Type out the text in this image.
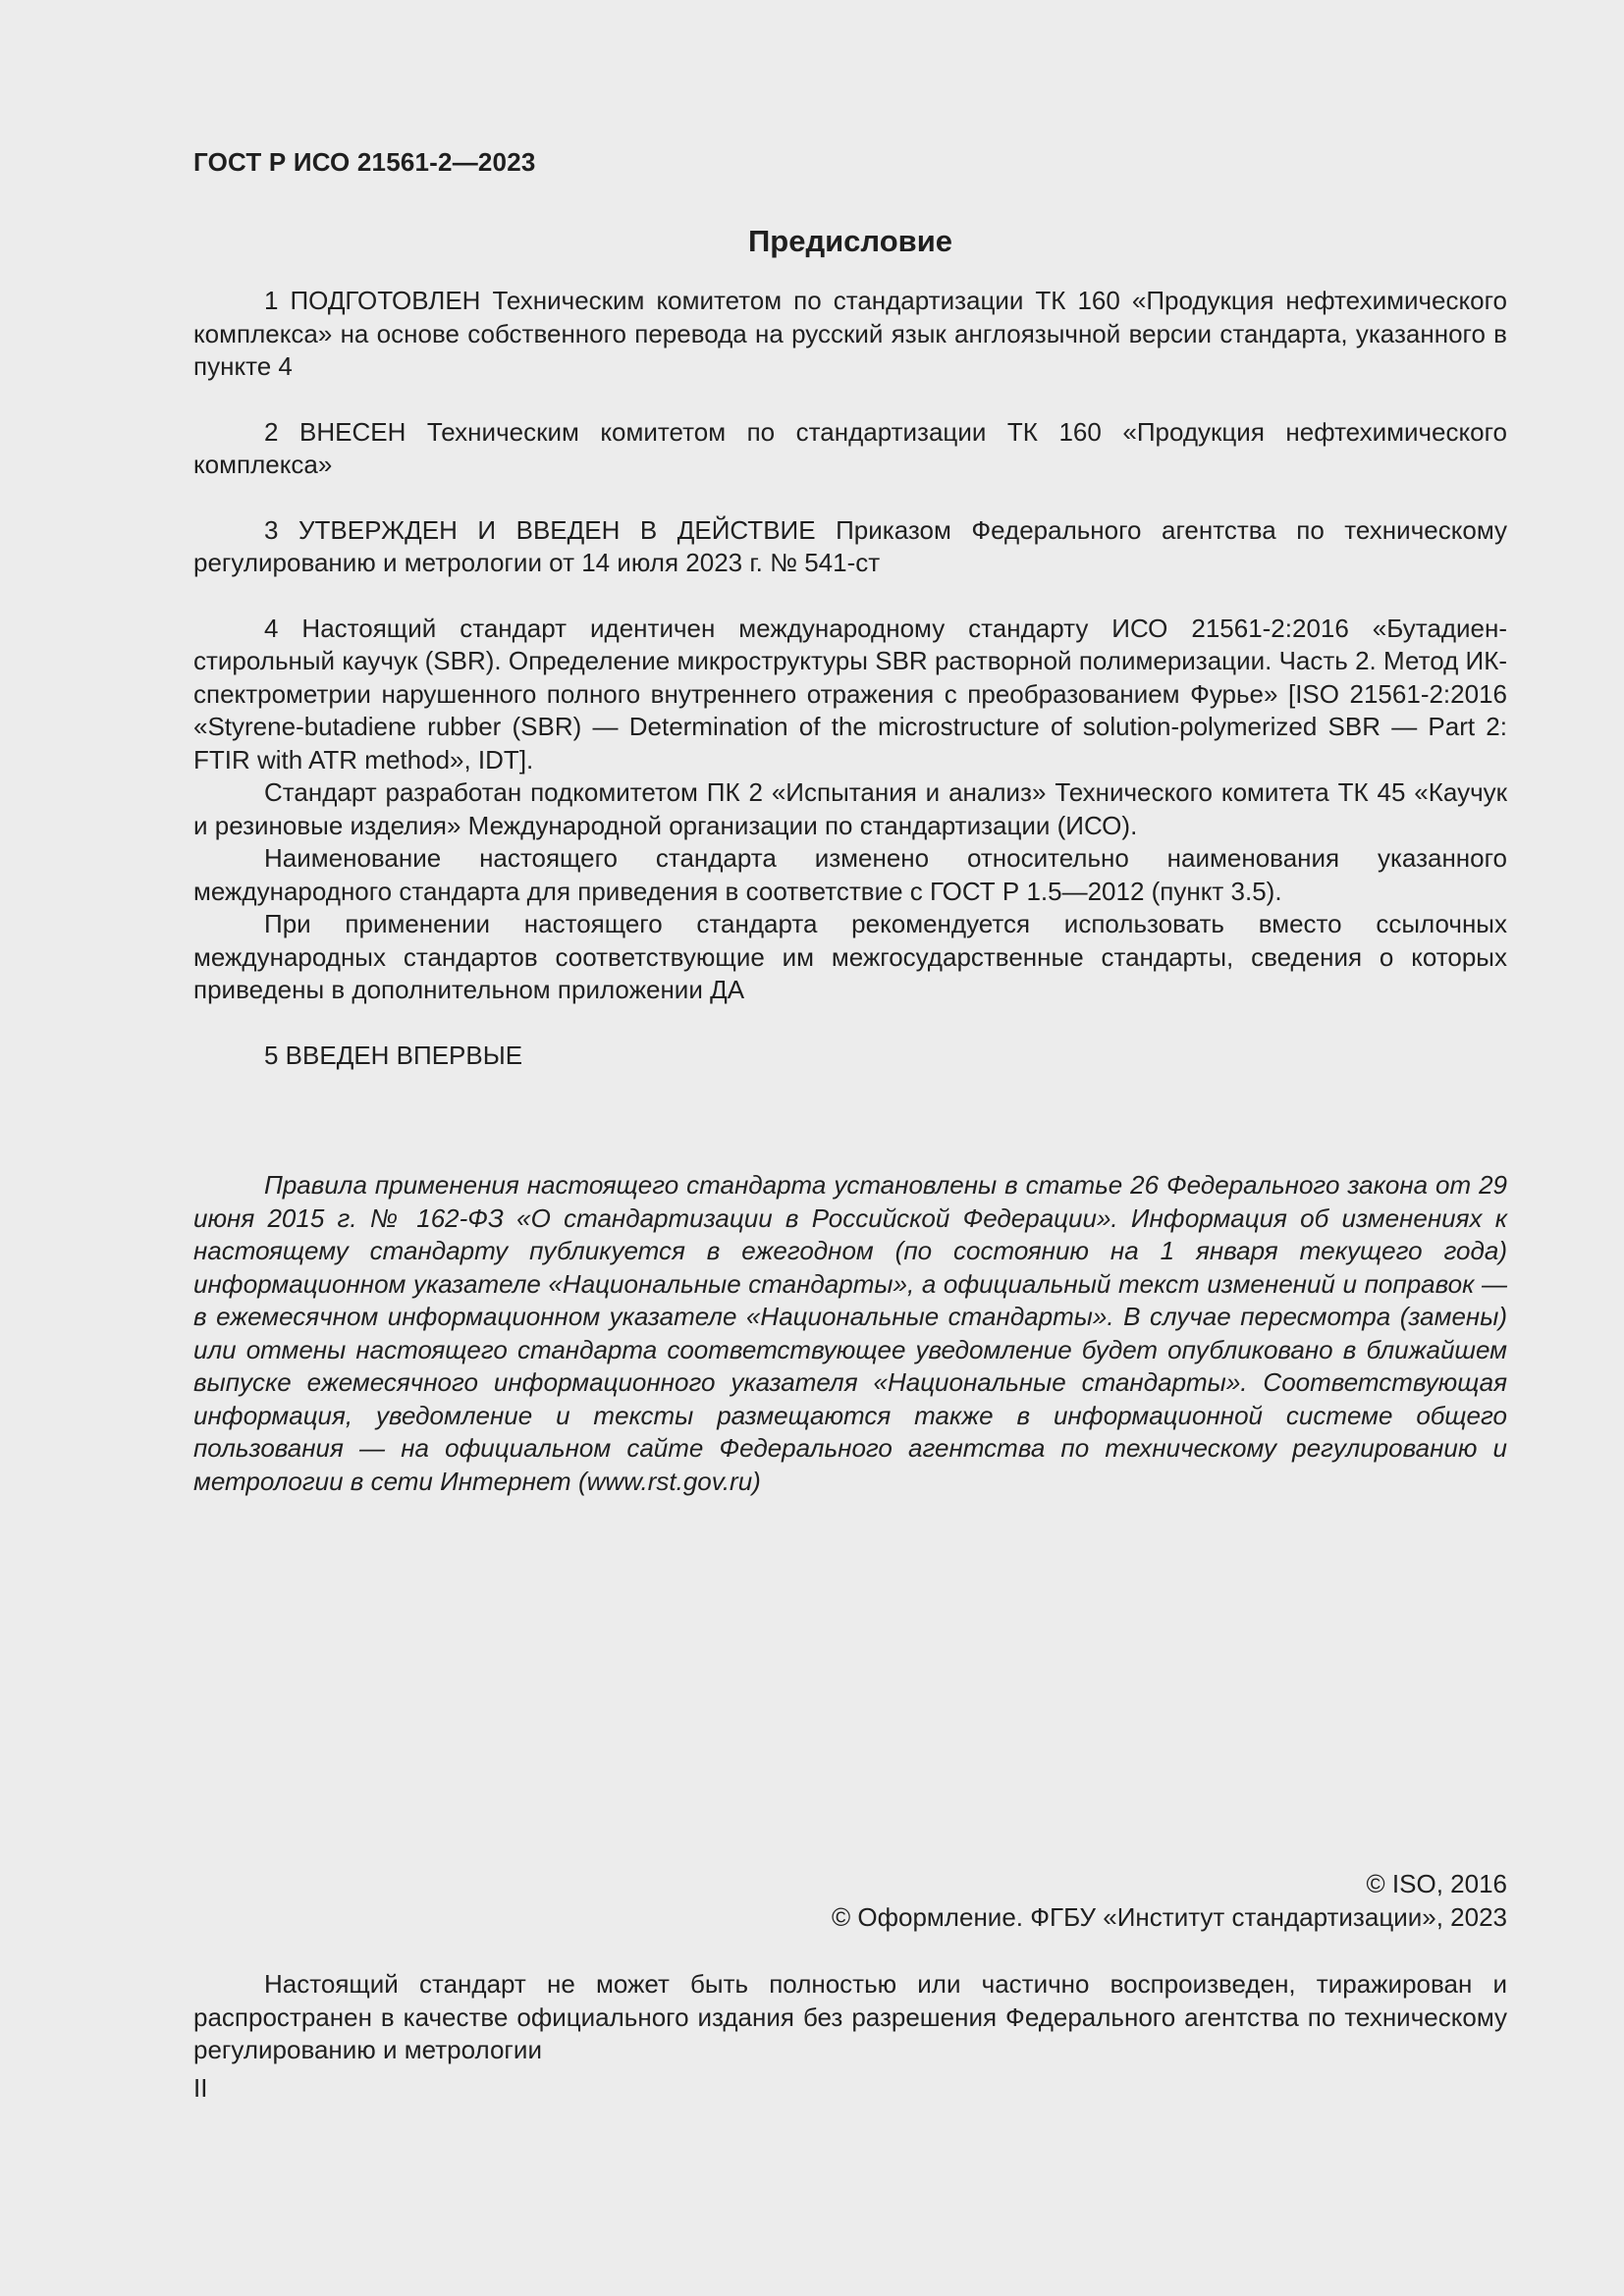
ГОСТ Р ИСО 21561-2—2023
Предисловие

1 ПОДГОТОВЛЕН Техническим комитетом по стандартизации ТК 160 «Продукция нефтехимического комплекса» на основе собственного перевода на русский язык англоязычной версии стандарта, указанного в пункте 4

2 ВНЕСЕН Техническим комитетом по стандартизации ТК 160 «Продукция нефтехимического комплекса»

3 УТВЕРЖДЕН И ВВЕДЕН В ДЕЙСТВИЕ Приказом Федерального агентства по техническому регулированию и метрологии от 14 июля 2023 г. № 541-ст

4 Настоящий стандарт идентичен международному стандарту ИСО 21561-2:2016 «Бутадиен-стирольный каучук (SBR). Определение микроструктуры SBR растворной полимеризации. Часть 2. Метод ИК-спектрометрии нарушенного полного внутреннего отражения с преобразованием Фурье» [ISO 21561-2:2016 «Styrene-butadiene rubber (SBR) — Determination of the microstructure of solution-polymerized SBR — Part 2: FTIR with ATR method», IDT].

Стандарт разработан подкомитетом ПК 2 «Испытания и анализ» Технического комитета ТК 45 «Каучук и резиновые изделия» Международной организации по стандартизации (ИСО).

Наименование настоящего стандарта изменено относительно наименования указанного международного стандарта для приведения в соответствие с ГОСТ Р 1.5—2012 (пункт 3.5).

При применении настоящего стандарта рекомендуется использовать вместо ссылочных международных стандартов соответствующие им межгосударственные стандарты, сведения о которых приведены в дополнительном приложении ДА

5 ВВЕДЕН ВПЕРВЫЕ

Правила применения настоящего стандарта установлены в статье 26 Федерального закона от 29 июня 2015 г. № 162-ФЗ «О стандартизации в Российской Федерации». Информация об изменениях к настоящему стандарту публикуется в ежегодном (по состоянию на 1 января текущего года) информационном указателе «Национальные стандарты», а официальный текст изменений и поправок — в ежемесячном информационном указателе «Национальные стандарты». В случае пересмотра (замены) или отмены настоящего стандарта соответствующее уведомление будет опубликовано в ближайшем выпуске ежемесячного информационного указателя «Национальные стандарты». Соответствующая информация, уведомление и тексты размещаются также в информационной системе общего пользования — на официальном сайте Федерального агентства по техническому регулированию и метрологии в сети Интернет (www.rst.gov.ru)

© ISO, 2016
© Оформление. ФГБУ «Институт стандартизации», 2023

Настоящий стандарт не может быть полностью или частично воспроизведен, тиражирован и распространен в качестве официального издания без разрешения Федерального агентства по техническому регулированию и метрологии

II
